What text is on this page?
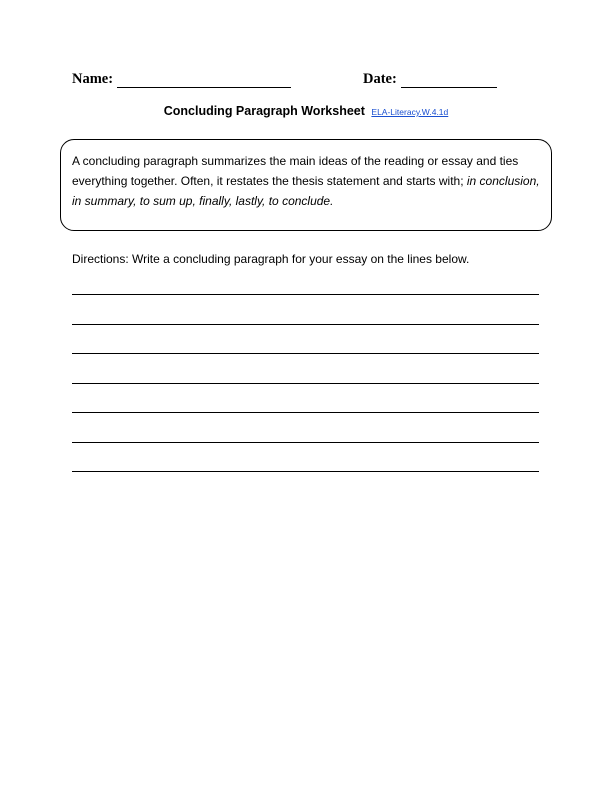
Name:	Date:
Concluding Paragraph Worksheet ELA-Literacy.W.4.1d
A concluding paragraph summarizes the main ideas of the reading or essay and ties everything together. Often, it restates the thesis statement and starts with; in conclusion, in summary, to sum up, finally, lastly, to conclude.
Directions: Write a concluding paragraph for your essay on the lines below.
